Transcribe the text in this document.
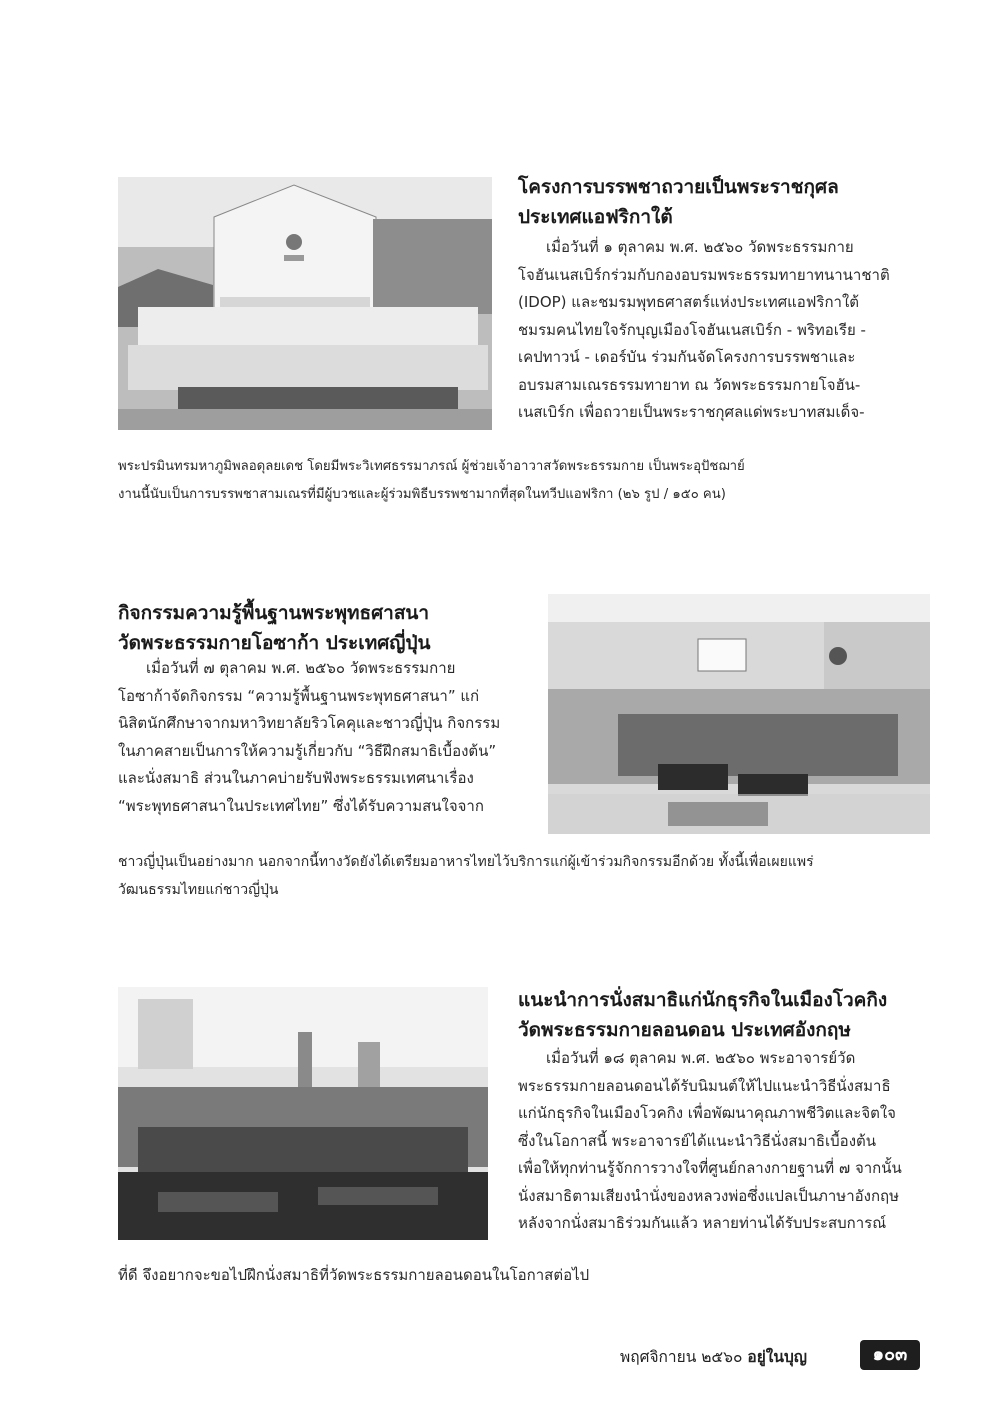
โครงการบรรพชาถวายเป็นพระราชกุศล
ประเทศแอฟริกาใต้

เมื่อวันที่ ๑ ตุลาคม พ.ศ. ๒๕๖๐ วัดพระธรรมกาย

โจฮันเนสเบิร์กร่วมกับกองอบรมพระธรรมทายาทนานาชาติ

(IDOP) และชมรมพุทธศาสตร์แห่งประเทศแอฟริกาใต้

ชมรมคนไทยใจรักบุญเมืองโจฮันเนสเบิร์ก - พริทอเรีย -

เคปทาวน์ - เดอร์บัน ร่วมกันจัดโครงการบรรพชาและ

อบรมสามเณรธรรมทายาท ณ วัดพระธรรมกายโจฮัน-

เนสเบิร์ก เพื่อถวายเป็นพระราชกุศลแด่พระบาทสมเด็จ-

พระปรมินทรมหาภูมิพลอดุลยเดช โดยมีพระวิเทศธรรมาภรณ์ ผู้ช่วยเจ้าอาวาสวัดพระธรรมกาย เป็นพระอุปัชฌาย์

งานนี้นับเป็นการบรรพชาสามเณรที่มีผู้บวชและผู้ร่วมพิธีบรรพชามากที่สุดในทวีปแอฟริกา (๒๖ รูป / ๑๕๐ คน)

กิจกรรมความรู้พื้นฐานพระพุทธศาสนา
วัดพระธรรมกายโอซาก้า ประเทศญี่ปุ่น

เมื่อวันที่ ๗ ตุลาคม พ.ศ. ๒๕๖๐ วัดพระธรรมกาย

โอซาก้าจัดกิจกรรม “ความรู้พื้นฐานพระพุทธศาสนา” แก่

นิสิตนักศึกษาจากมหาวิทยาลัยริวโคคุและชาวญี่ปุ่น กิจกรรม

ในภาคสายเป็นการให้ความรู้เกี่ยวกับ “วิธีฝึกสมาธิเบื้องต้น”

และนั่งสมาธิ ส่วนในภาคบ่ายรับฟังพระธรรมเทศนาเรื่อง

“พระพุทธศาสนาในประเทศไทย” ซึ่งได้รับความสนใจจาก

ชาวญี่ปุ่นเป็นอย่างมาก นอกจากนี้ทางวัดยังได้เตรียมอาหารไทยไว้บริการแก่ผู้เข้าร่วมกิจกรรมอีกด้วย ทั้งนี้เพื่อเผยแพร่

วัฒนธรรมไทยแก่ชาวญี่ปุ่น

แนะนำการนั่งสมาธิแก่นักธุรกิจในเมืองโวคกิง
วัดพระธรรมกายลอนดอน ประเทศอังกฤษ

เมื่อวันที่ ๑๘ ตุลาคม พ.ศ. ๒๕๖๐ พระอาจารย์วัด

พระธรรมกายลอนดอนได้รับนิมนต์ให้ไปแนะนำวิธีนั่งสมาธิ

แก่นักธุรกิจในเมืองโวคกิง เพื่อพัฒนาคุณภาพชีวิตและจิตใจ

ซึ่งในโอกาสนี้ พระอาจารย์ได้แนะนำวิธีนั่งสมาธิเบื้องต้น

เพื่อให้ทุกท่านรู้จักการวางใจที่ศูนย์กลางกายฐานที่ ๗ จากนั้น

นั่งสมาธิตามเสียงนำนั่งของหลวงพ่อซึ่งแปลเป็นภาษาอังกฤษ

หลังจากนั่งสมาธิร่วมกันแล้ว หลายท่านได้รับประสบการณ์

ที่ดี จึงอยากจะขอไปฝึกนั่งสมาธิที่วัดพระธรรมกายลอนดอนในโอกาสต่อไป

พฤศจิกายน ๒๕๖๐ อยู่ในบุญ	๑๐๓
